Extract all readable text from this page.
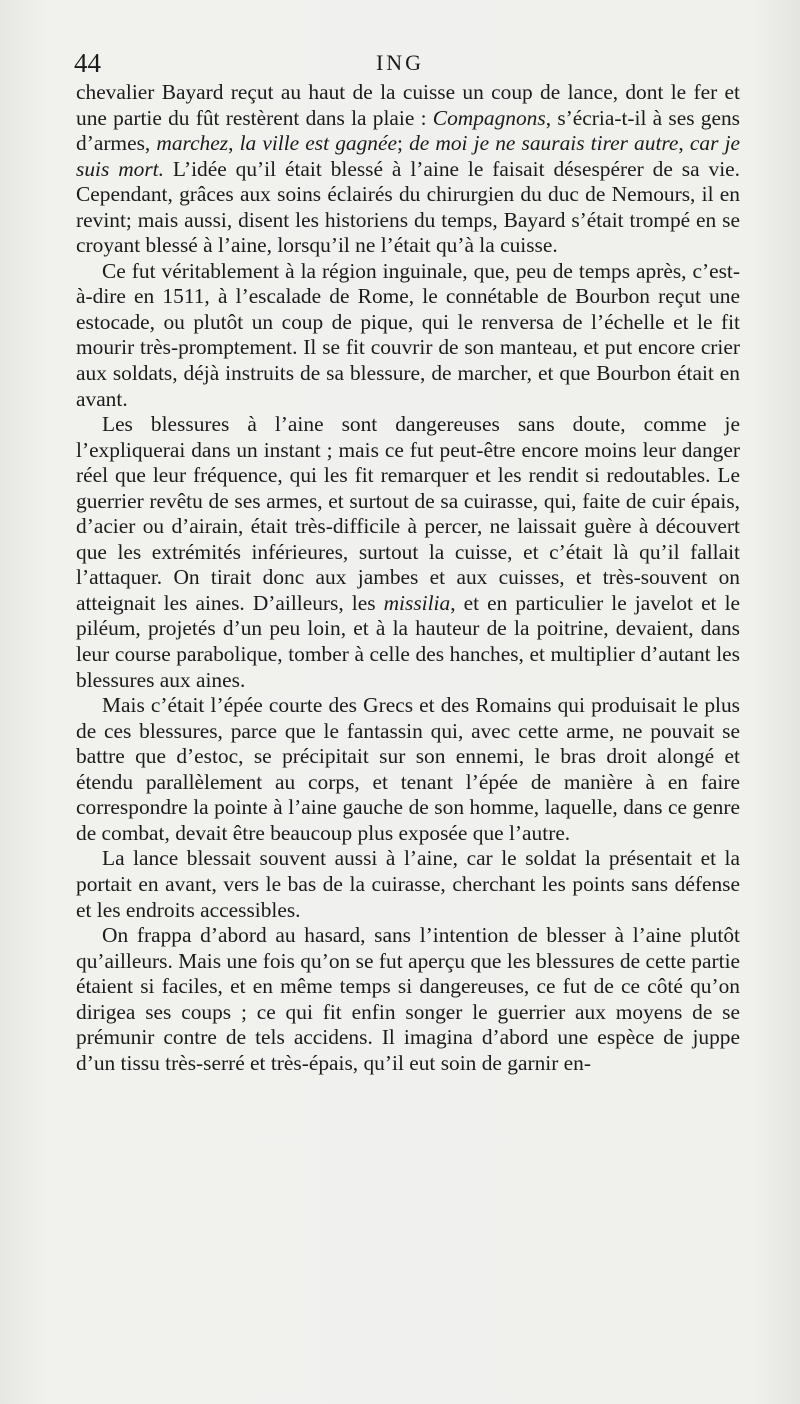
44	ING

chevalier Bayard reçut au haut de la cuisse un coup de lance, dont le fer et une partie du fût restèrent dans la plaie : Compagnons, s’écria-t-il à ses gens d’armes, marchez, la ville est gagnée; de moi je ne saurais tirer autre, car je suis mort. L’idée qu’il était blessé à l’aine le faisait désespérer de sa vie. Cependant, grâces aux soins éclairés du chirurgien du duc de Nemours, il en revint; mais aussi, disent les historiens du temps, Bayard s’était trompé en se croyant blessé à l’aine, lorsqu’il ne l’était qu’à la cuisse.

Ce fut véritablement à la région inguinale, que, peu de temps après, c’est-à-dire en 1511, à l’escalade de Rome, le connétable de Bourbon reçut une estocade, ou plutôt un coup de pique, qui le renversa de l’échelle et le fit mourir très-promptement. Il se fit couvrir de son manteau, et put encore crier aux soldats, déjà instruits de sa blessure, de marcher, et que Bourbon était en avant.

Les blessures à l’aine sont dangereuses sans doute, comme je l’expliquerai dans un instant ; mais ce fut peut-être encore moins leur danger réel que leur fréquence, qui les fit remarquer et les rendit si redoutables. Le guerrier revêtu de ses armes, et surtout de sa cuirasse, qui, faite de cuir épais, d’acier ou d’airain, était très-difficile à percer, ne laissait guère à découvert que les extrémités inférieures, surtout la cuisse, et c’était là qu’il fallait l’attaquer. On tirait donc aux jambes et aux cuisses, et très-souvent on atteignait les aines. D’ailleurs, les missilia, et en particulier le javelot et le piléum, projetés d’un peu loin, et à la hauteur de la poitrine, devaient, dans leur course parabolique, tomber à celle des hanches, et multiplier d’autant les blessures aux aines.

Mais c’était l’épée courte des Grecs et des Romains qui produisait le plus de ces blessures, parce que le fantassin qui, avec cette arme, ne pouvait se battre que d’estoc, se précipitait sur son ennemi, le bras droit alongé et étendu parallèlement au corps, et tenant l’épée de manière à en faire correspondre la pointe à l’aine gauche de son homme, laquelle, dans ce genre de combat, devait être beaucoup plus exposée que l’autre.

La lance blessait souvent aussi à l’aine, car le soldat la présentait et la portait en avant, vers le bas de la cuirasse, cherchant les points sans défense et les endroits accessibles.

On frappa d’abord au hasard, sans l’intention de blesser à l’aine plutôt qu’ailleurs. Mais une fois qu’on se fut aperçu que les blessures de cette partie étaient si faciles, et en même temps si dangereuses, ce fut de ce côté qu’on dirigea ses coups ; ce qui fit enfin songer le guerrier aux moyens de se prémunir contre de tels accidens. Il imagina d’abord une espèce de juppe d’un tissu très-serré et très-épais, qu’il eut soin de garnir en-
